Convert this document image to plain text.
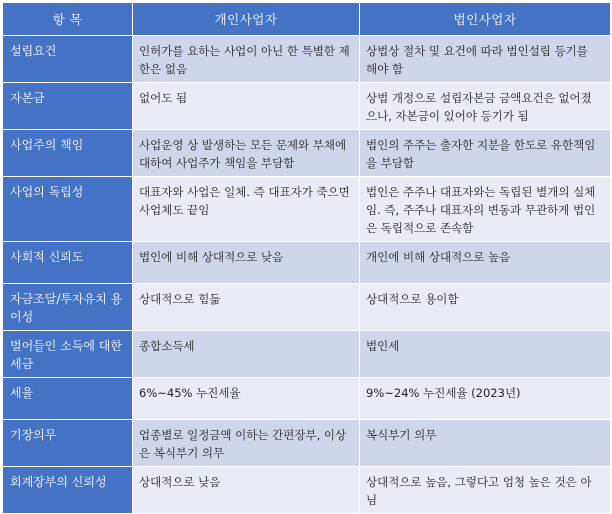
항 목	개인사업자	법인사업자
설립요건	인허가를 요하는 사업이 아닌 한 특별한 제한은 없음	상법상 절차 및 요건에 따라 법인설립 등기를 해야 함
자본금	없어도 됨	상법 개정으로 설립자본금 금액요건은 없어졌으나, 자본금이 있어야 등기가 됨
사업주의 책임	사업운영 상 발생하는 모든 문제와 부채에 대하여 사업주가 책임을 부담함	법인의 주주는 출자한 지분을 한도로 유한책임을 부담함
사업의 독립성	대표자와 사업은 일체. 즉 대표자가 죽으면 사업체도 끝임	법인은 주주나 대표자와는 독립된 별개의 실체임. 즉, 주주나 대표자의 변동과 무관하게 법인은 독립적으로 존속함
사회적 신뢰도	법인에 비해 상대적으로 낮음	개인에 비해 상대적으로 높음
자금조달/투자유치 용이성	상대적으로 힘듦	상대적으로 용이함
벌어들인 소득에 대한 세금	종합소득세	법인세
세율	6%~45% 누진세율	9%~24% 누진세율 (2023년)
기장의무	업종별로 일정금액 이하는 간편장부, 이상은 복식부기 의무	복식부기 의무
회계장부의 신뢰성	상대적으로 낮음	상대적으로 높음, 그렇다고 엄청 높은 것은 아님
